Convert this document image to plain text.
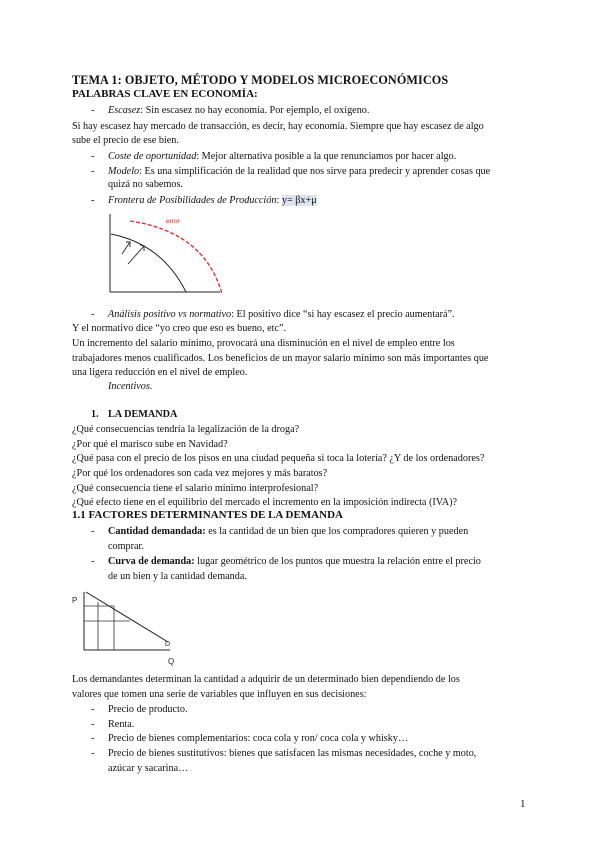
TEMA 1: OBJETO, MÉTODO Y MODELOS MICROECONÓMICOS
PALABRAS CLAVE EN ECONOMÍA:
- Escasez: Sin escasez no hay economía. Por ejemplo, el oxígeno.
Si hay escasez hay mercado de transacción, es decir, hay economía. Siempre que hay escasez de algo
sube el precio de ese bien.
- Coste de oportunidad: Mejor alternativa posible a la que renunciamos por hacer algo.
- Modelo: Es una simplificación de la realidad que nos sirve para predecir y aprender cosas que
quizá no sabemos.
- Frontera de Posibilidades de Producción: y= βx+μ
error
- Análisis positivo vs normativo: El positivo dice “si hay escasez el precio aumentará”.
Y el normativo dice “yo creo que eso es bueno, etc”.
Un incremento del salario mínimo, provocará una disminución en el nivel de empleo entre los
trabajadores menos cualificados. Los beneficios de un mayor salario mínimo son más importantes que
una ligera reducción en el nivel de empleo.
Incentivos.
1. LA DEMANDA
¿Qué consecuencias tendría la legalización de la droga?
¿Por qué el marisco sube en Navidad?
¿Qué pasa con el precio de los pisos en una ciudad pequeña si toca la lotería? ¿Y de los ordenadores?
¿Por qué los ordenadores son cada vez mejores y más baratos?
¿Qué consecuencia tiene el salario mínimo interprofesional?
¿Qué efecto tiene en el equilibrio del mercado el incremento en la imposición indirecta (IVA)?
1.1 FACTORES DETERMINANTES DE LA DEMANDA
- Cantidad demandada: es la cantidad de un bien que los compradores quieren y pueden
comprar.
- Curva de demanda: lugar geométrico de los puntos que muestra la relación entre el precio
de un bien y la cantidad demanda.
P
D
Q
Los demandantes determinan la cantidad a adquirir de un determinado bien dependiendo de los
valores que tomen una serie de variables que influyen en sus decisiones:
- Precio de producto.
- Renta.
- Precio de bienes complementarios: coca cola y ron/ coca cola y whisky…
- Precio de bienes sustitutivos: bienes que satisfacen las mismas necesidades, coche y moto,
azúcar y sacarina…
1
